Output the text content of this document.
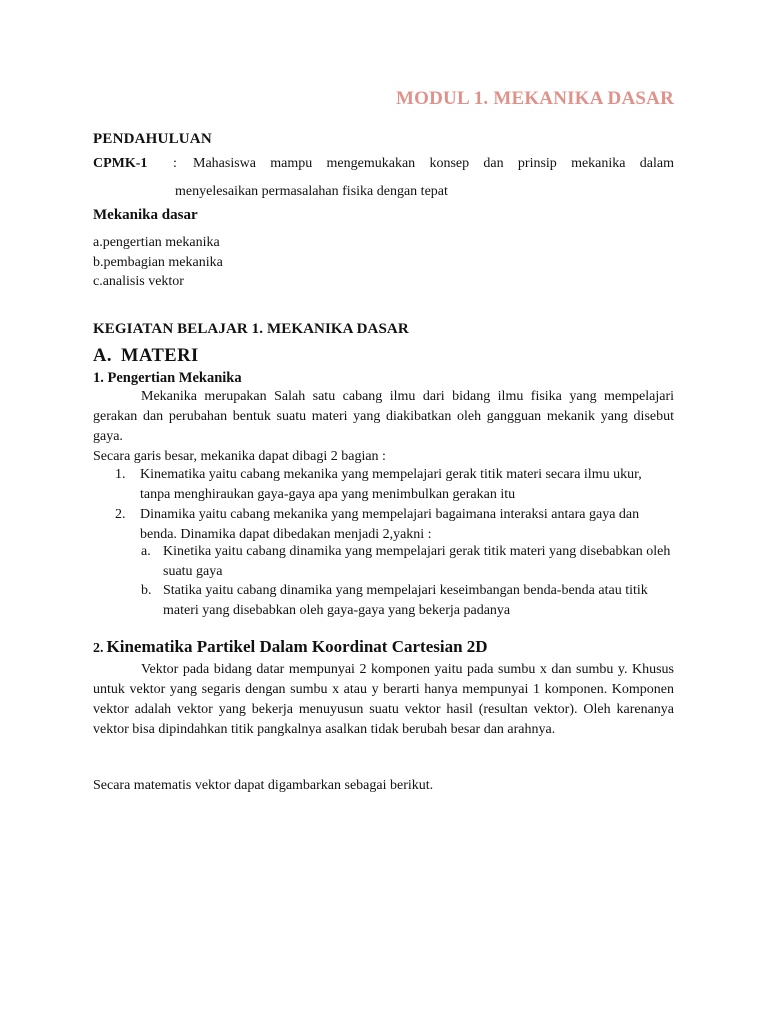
MODUL 1. MEKANIKA DASAR
PENDAHULUAN
CPMK-1 : Mahasiswa mampu mengemukakan konsep dan prinsip mekanika dalam
menyelesaikan permasalahan fisika dengan tepat
Mekanika dasar
a.pengertian mekanika
b.pembagian mekanika
c.analisis vektor
KEGIATAN BELAJAR 1. MEKANIKA DASAR
A. MATERI
1. Pengertian Mekanika
Mekanika merupakan Salah satu cabang ilmu dari bidang ilmu fisika yang mempelajari gerakan dan perubahan bentuk suatu materi yang diakibatkan oleh gangguan mekanik yang disebut gaya.
Secara garis besar, mekanika dapat dibagi 2 bagian :
1. Kinematika yaitu cabang mekanika yang mempelajari gerak titik materi secara ilmu ukur, tanpa menghiraukan gaya-gaya apa yang menimbulkan gerakan itu
2. Dinamika yaitu cabang mekanika yang mempelajari bagaimana interaksi antara gaya dan benda. Dinamika dapat dibedakan menjadi 2,yakni :
a. Kinetika yaitu cabang dinamika yang mempelajari gerak titik materi yang disebabkan oleh suatu gaya
b. Statika yaitu cabang dinamika yang mempelajari keseimbangan benda-benda atau titik materi yang disebabkan oleh gaya-gaya yang bekerja padanya
2. Kinematika Partikel Dalam Koordinat Cartesian 2D
Vektor pada bidang datar mempunyai 2 komponen yaitu pada sumbu x dan sumbu y. Khusus untuk vektor yang segaris dengan sumbu x atau y berarti hanya mempunyai 1 komponen. Komponen vektor adalah vektor yang bekerja menuyusun suatu vektor hasil (resultan vektor). Oleh karenanya vektor bisa dipindahkan titik pangkalnya asalkan tidak berubah besar dan arahnya.
Secara matematis vektor dapat digambarkan sebagai berikut.
